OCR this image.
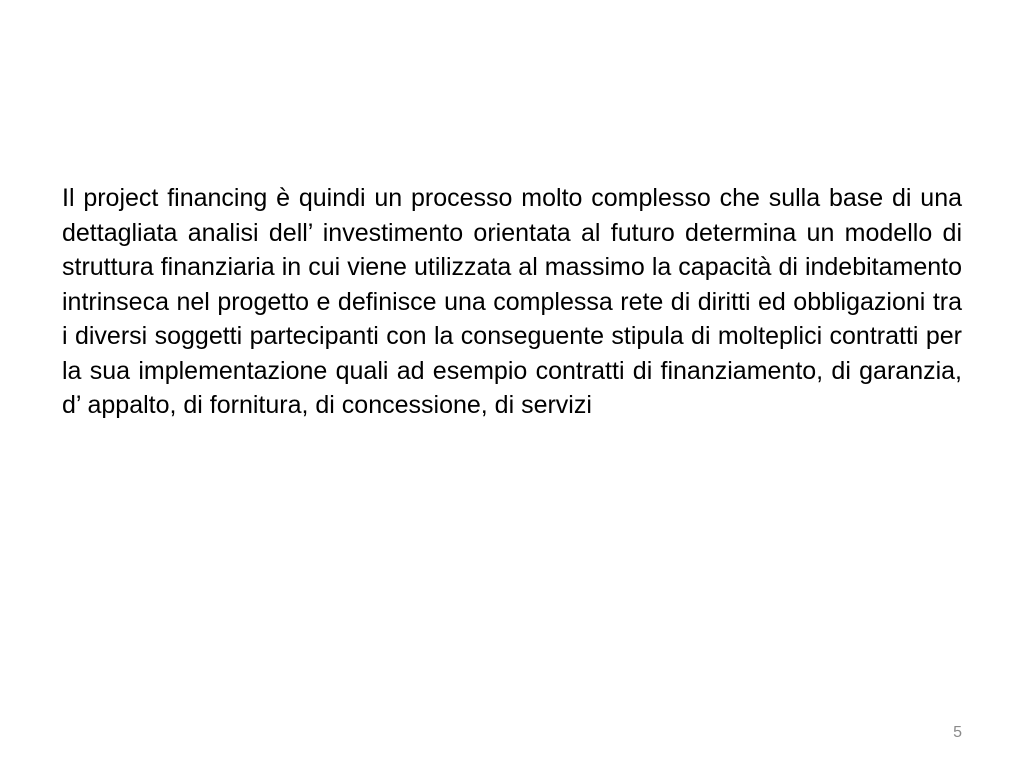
Il project financing è quindi un processo molto complesso che sulla base di una dettagliata analisi dell’ investimento orientata al futuro determina un modello di struttura finanziaria in cui viene utilizzata al massimo la capacità di indebitamento intrinseca nel progetto e definisce una complessa rete di diritti ed obbligazioni tra i diversi soggetti partecipanti con la conseguente stipula di molteplici contratti per la sua implementazione quali ad esempio contratti di finanziamento, di garanzia, d’ appalto, di fornitura, di concessione, di servizi
5
